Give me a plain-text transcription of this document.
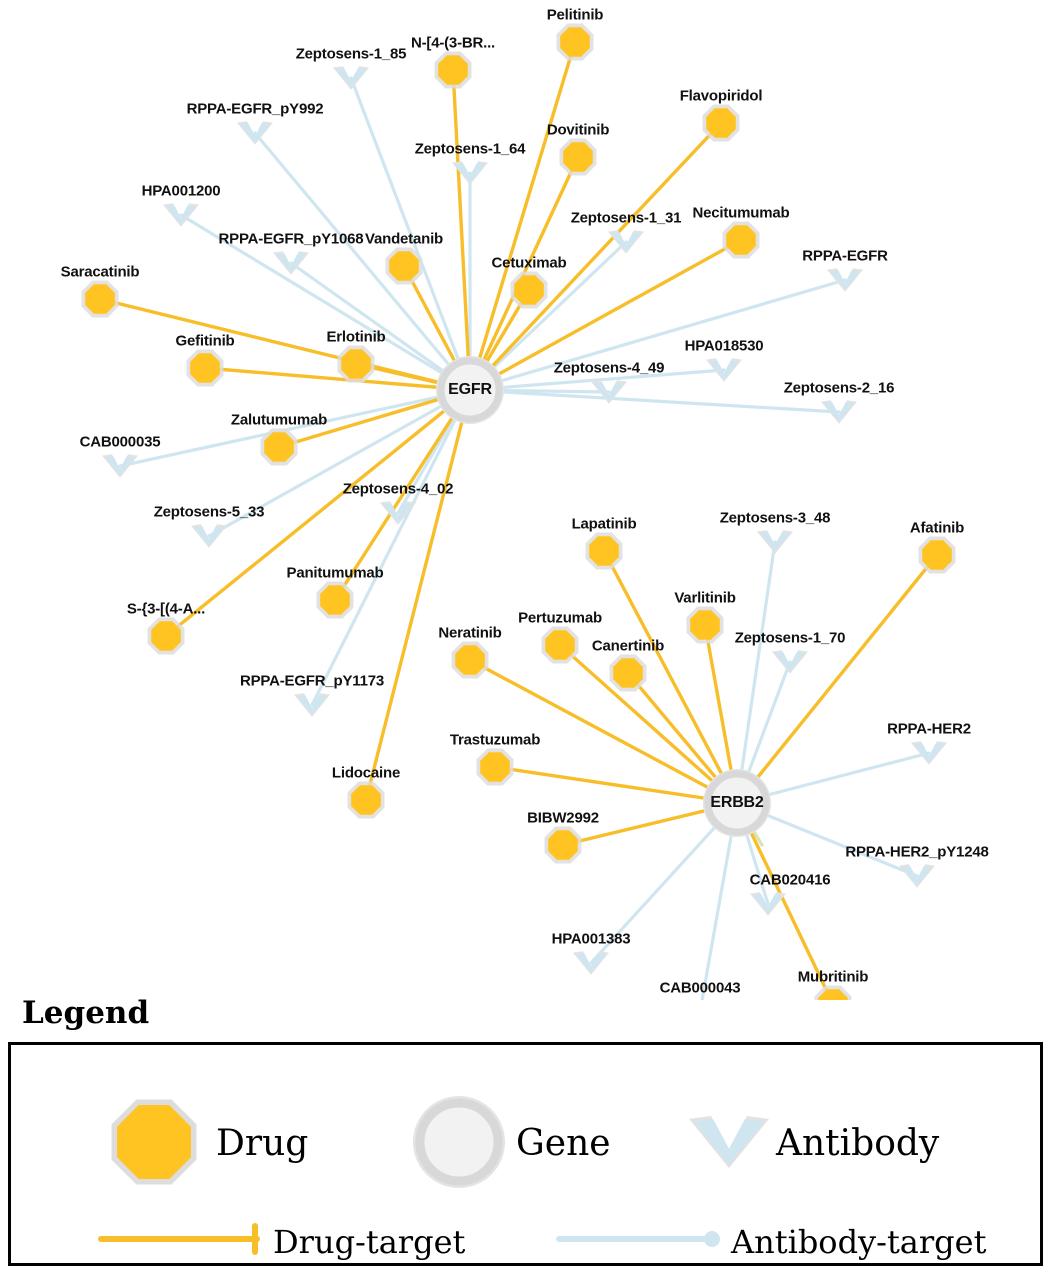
Zeptosens-1_85
RPPA-EGFR_pY992
Zeptosens-1_64
HPA001200
Zeptosens-1_31
RPPA-EGFR_pY1068
RPPA-EGFR
HPA018530
Zeptosens-4_49
Zeptosens-2_16
CAB000035
Zeptosens-4_02
Zeptosens-5_33	Zeptosens-3_48
Zeptosens-1_70
RPPA-EGFR_pY1173
RPPA-HER2
RPPA-HER2_pY1248
CAB020416
HPA001383
CAB000043
Pelitinib
N-[4-(3-BR...
Flavopiridol
Dovitinib
Necitumumab
Vandetanib
Cetuximab
Saracatinib
Erlotinib
Gefitinib
Zalutumumab
Lapatinib	Afatinib
Panitumumab
Varlitinib
S-{3-[(4-A...
Pertuzumab
Neratinib
Canertinib
Trastuzumab
Lidocaine
BIBW2992
Mubritinib
EGFR
ERBB2
Legend
Drug	Gene	Antibody
Drug-target	Antibody-target
